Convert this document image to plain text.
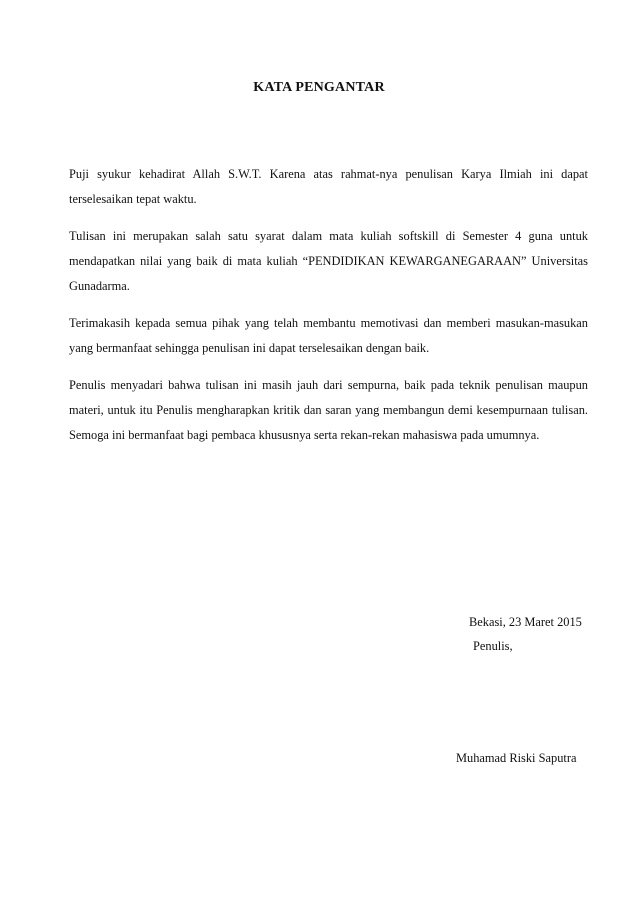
KATA PENGANTAR

Puji syukur kehadirat Allah S.W.T. Karena atas rahmat-nya penulisan Karya Ilmiah ini dapat terselesaikan tepat waktu.

Tulisan ini merupakan salah satu syarat dalam mata kuliah softskill di Semester 4 guna untuk mendapatkan nilai yang baik di mata kuliah “PENDIDIKAN KEWARGANEGARAAN” Universitas Gunadarma.

Terimakasih kepada semua pihak yang telah membantu memotivasi dan memberi masukan-masukan yang bermanfaat sehingga penulisan ini dapat terselesaikan dengan baik.

Penulis menyadari bahwa tulisan ini masih jauh dari sempurna, baik pada teknik penulisan maupun materi, untuk itu Penulis mengharapkan kritik dan saran yang membangun demi kesempurnaan tulisan. Semoga ini bermanfaat bagi pembaca khususnya serta rekan-rekan mahasiswa pada umumnya.

Bekasi, 23 Maret 2015
Penulis,
Muhamad Riski Saputra
